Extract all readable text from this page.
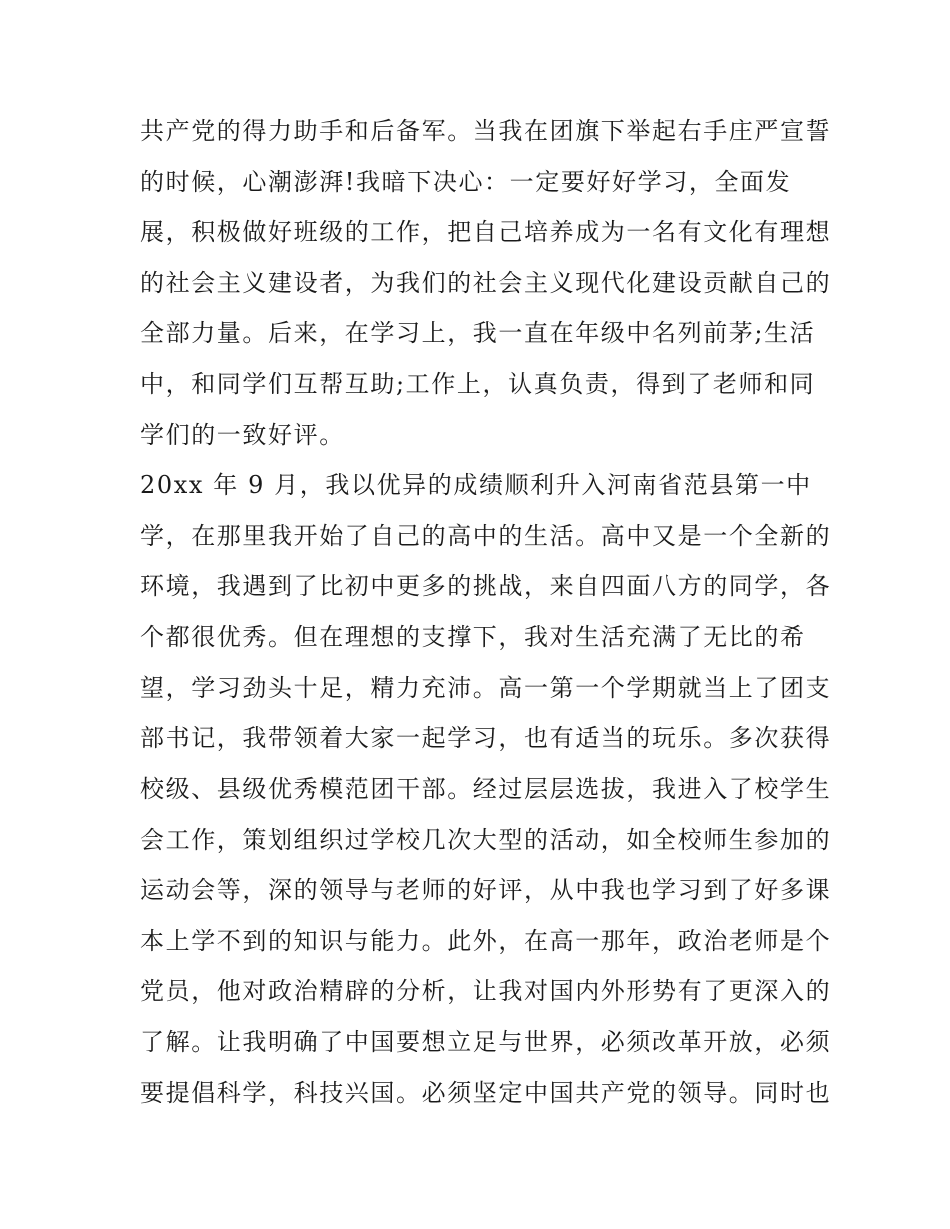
共产党的得力助手和后备军。当我在团旗下举起右手庄严宣誓
的时候，心潮澎湃!我暗下决心：一定要好好学习，全面发
展，积极做好班级的工作，把自己培养成为一名有文化有理想
的社会主义建设者，为我们的社会主义现代化建设贡献自己的
全部力量。后来，在学习上，我一直在年级中名列前茅;生活
中，和同学们互帮互助;工作上，认真负责，得到了老师和同
学们的一致好评。
20xx 年 9 月，我以优异的成绩顺利升入河南省范县第一中
学，在那里我开始了自己的高中的生活。高中又是一个全新的
环境，我遇到了比初中更多的挑战，来自四面八方的同学，各
个都很优秀。但在理想的支撑下，我对生活充满了无比的希
望，学习劲头十足，精力充沛。高一第一个学期就当上了团支
部书记，我带领着大家一起学习，也有适当的玩乐。多次获得
校级、县级优秀模范团干部。经过层层选拔，我进入了校学生
会工作，策划组织过学校几次大型的活动，如全校师生参加的
运动会等，深的领导与老师的好评，从中我也学习到了好多课
本上学不到的知识与能力。此外，在高一那年，政治老师是个
党员，他对政治精辟的分析，让我对国内外形势有了更深入的
了解。让我明确了中国要想立足与世界，必须改革开放，必须
要提倡科学，科技兴国。必须坚定中国共产党的领导。同时也
